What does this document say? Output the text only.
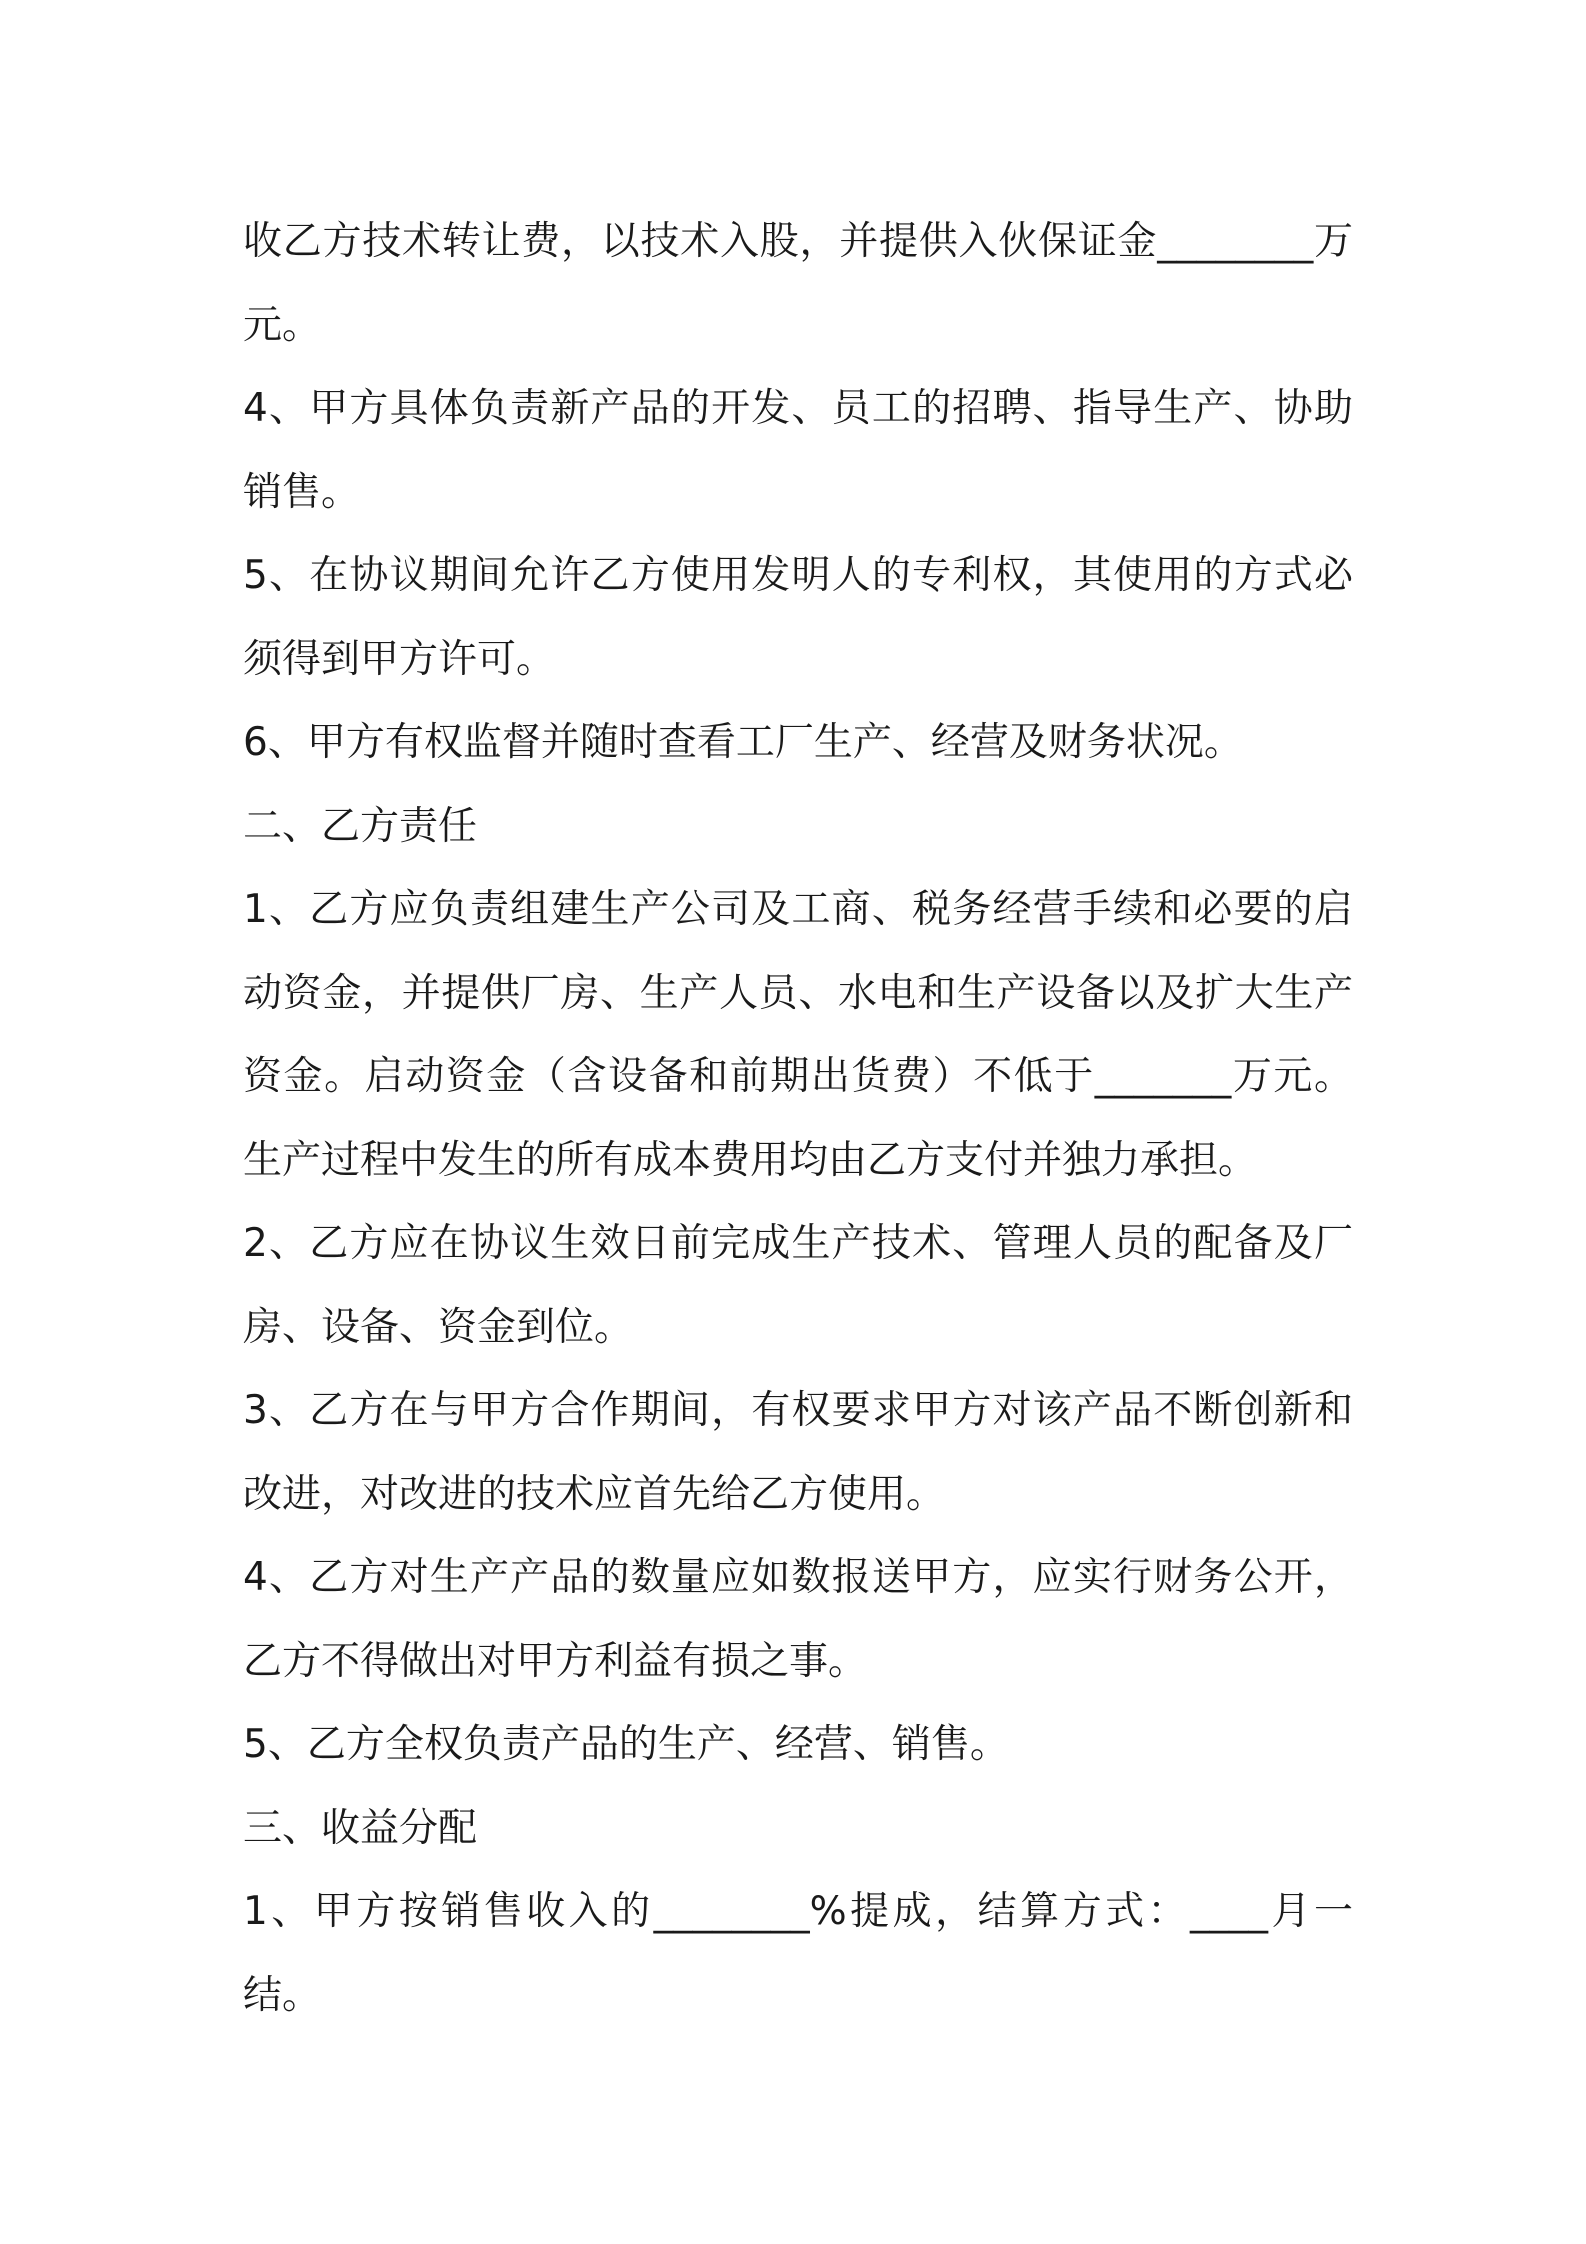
收乙方技术转让费，以技术入股，并提供入伙保证金________万元。

4、甲方具体负责新产品的开发、员工的招聘、指导生产、协助销售。

5、在协议期间允许乙方使用发明人的专利权，其使用的方式必须得到甲方许可。

6、甲方有权监督并随时查看工厂生产、经营及财务状况。

二、乙方责任

1、乙方应负责组建生产公司及工商、税务经营手续和必要的启动资金，并提供厂房、生产人员、水电和生产设备以及扩大生产资金。启动资金（含设备和前期出货费）不低于_______万元。生产过程中发生的所有成本费用均由乙方支付并独力承担。

2、乙方应在协议生效日前完成生产技术、管理人员的配备及厂房、设备、资金到位。

3、乙方在与甲方合作期间，有权要求甲方对该产品不断创新和改进，对改进的技术应首先给乙方使用。

4、乙方对生产产品的数量应如数报送甲方，应实行财务公开，乙方不得做出对甲方利益有损之事。

5、乙方全权负责产品的生产、经营、销售。

三、收益分配

1、甲方按销售收入的________%提成，结算方式：____月一结。
